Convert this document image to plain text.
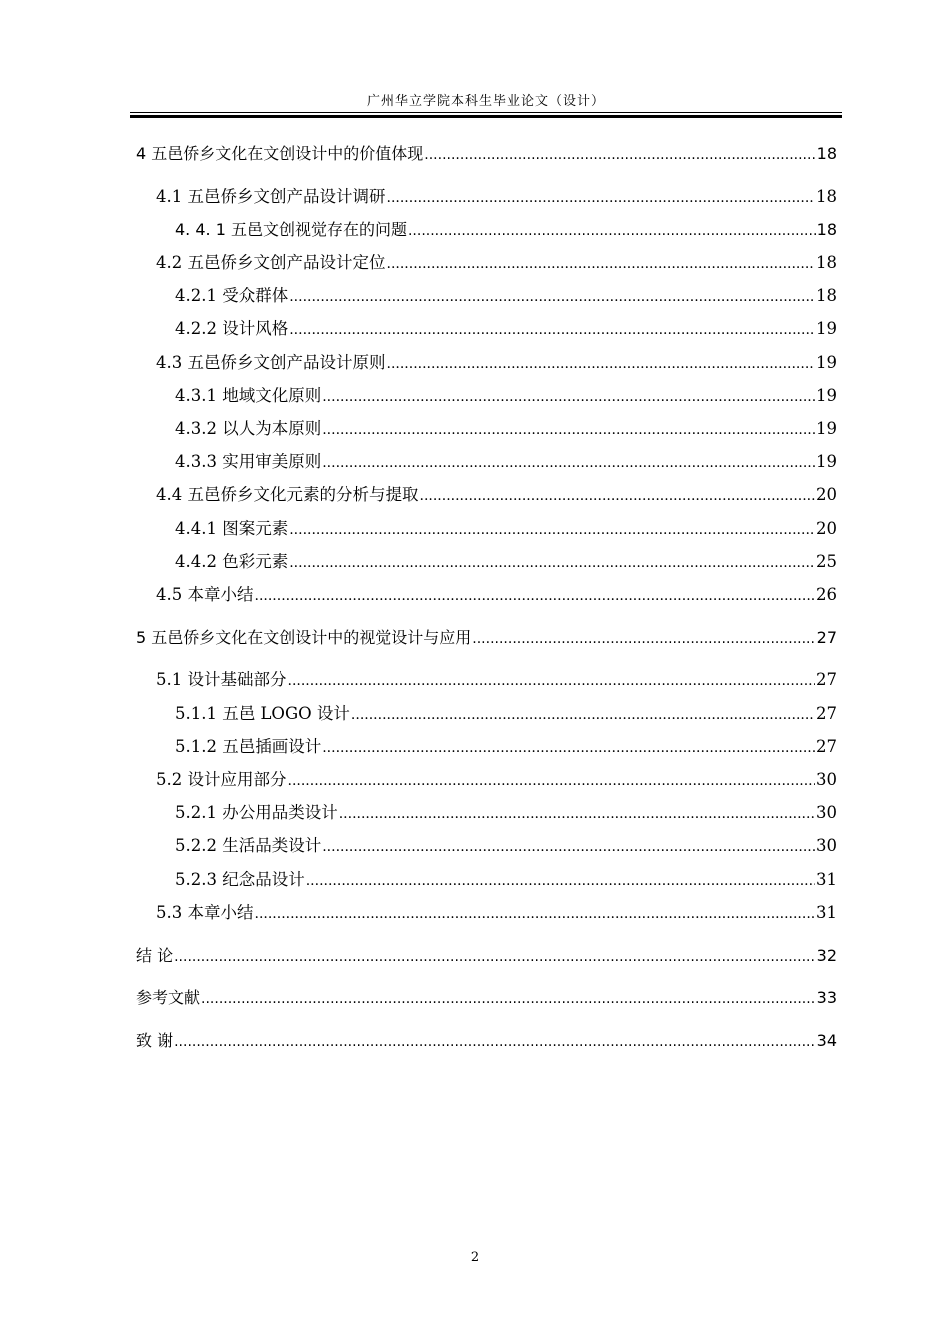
广州华立学院本科生毕业论文（设计）
4 五邑侨乡文化在文创设计中的价值体现 .....	18
4.1 五邑侨乡文创产品设计调研 .....	18
4. 4. 1 五邑文创视觉存在的问题 .....	18
4.2 五邑侨乡文创产品设计定位 .....	18
4.2.1 受众群体 .....	18
4.2.2 设计风格 .....	19
4.3 五邑侨乡文创产品设计原则 .....	19
4.3.1 地域文化原则 .....	19
4.3.2 以人为本原则 .....	19
4.3.3 实用审美原则 .....	19
4.4 五邑侨乡文化元素的分析与提取 .....	20
4.4.1 图案元素 .....	20
4.4.2 色彩元素 .....	25
4.5 本章小结 .....	26
5 五邑侨乡文化在文创设计中的视觉设计与应用 .....	27
5.1 设计基础部分 .....	27
5.1.1 五邑 LOGO 设计 .....	27
5.1.2 五邑插画设计 .....	27
5.2 设计应用部分 .....	30
5.2.1 办公用品类设计 .....	30
5.2.2 生活品类设计 .....	30
5.2.3 纪念品设计 .....	31
5.3 本章小结 .....	31
结 论 .....	32
参考文献 .....	33
致 谢 .....	34
2
